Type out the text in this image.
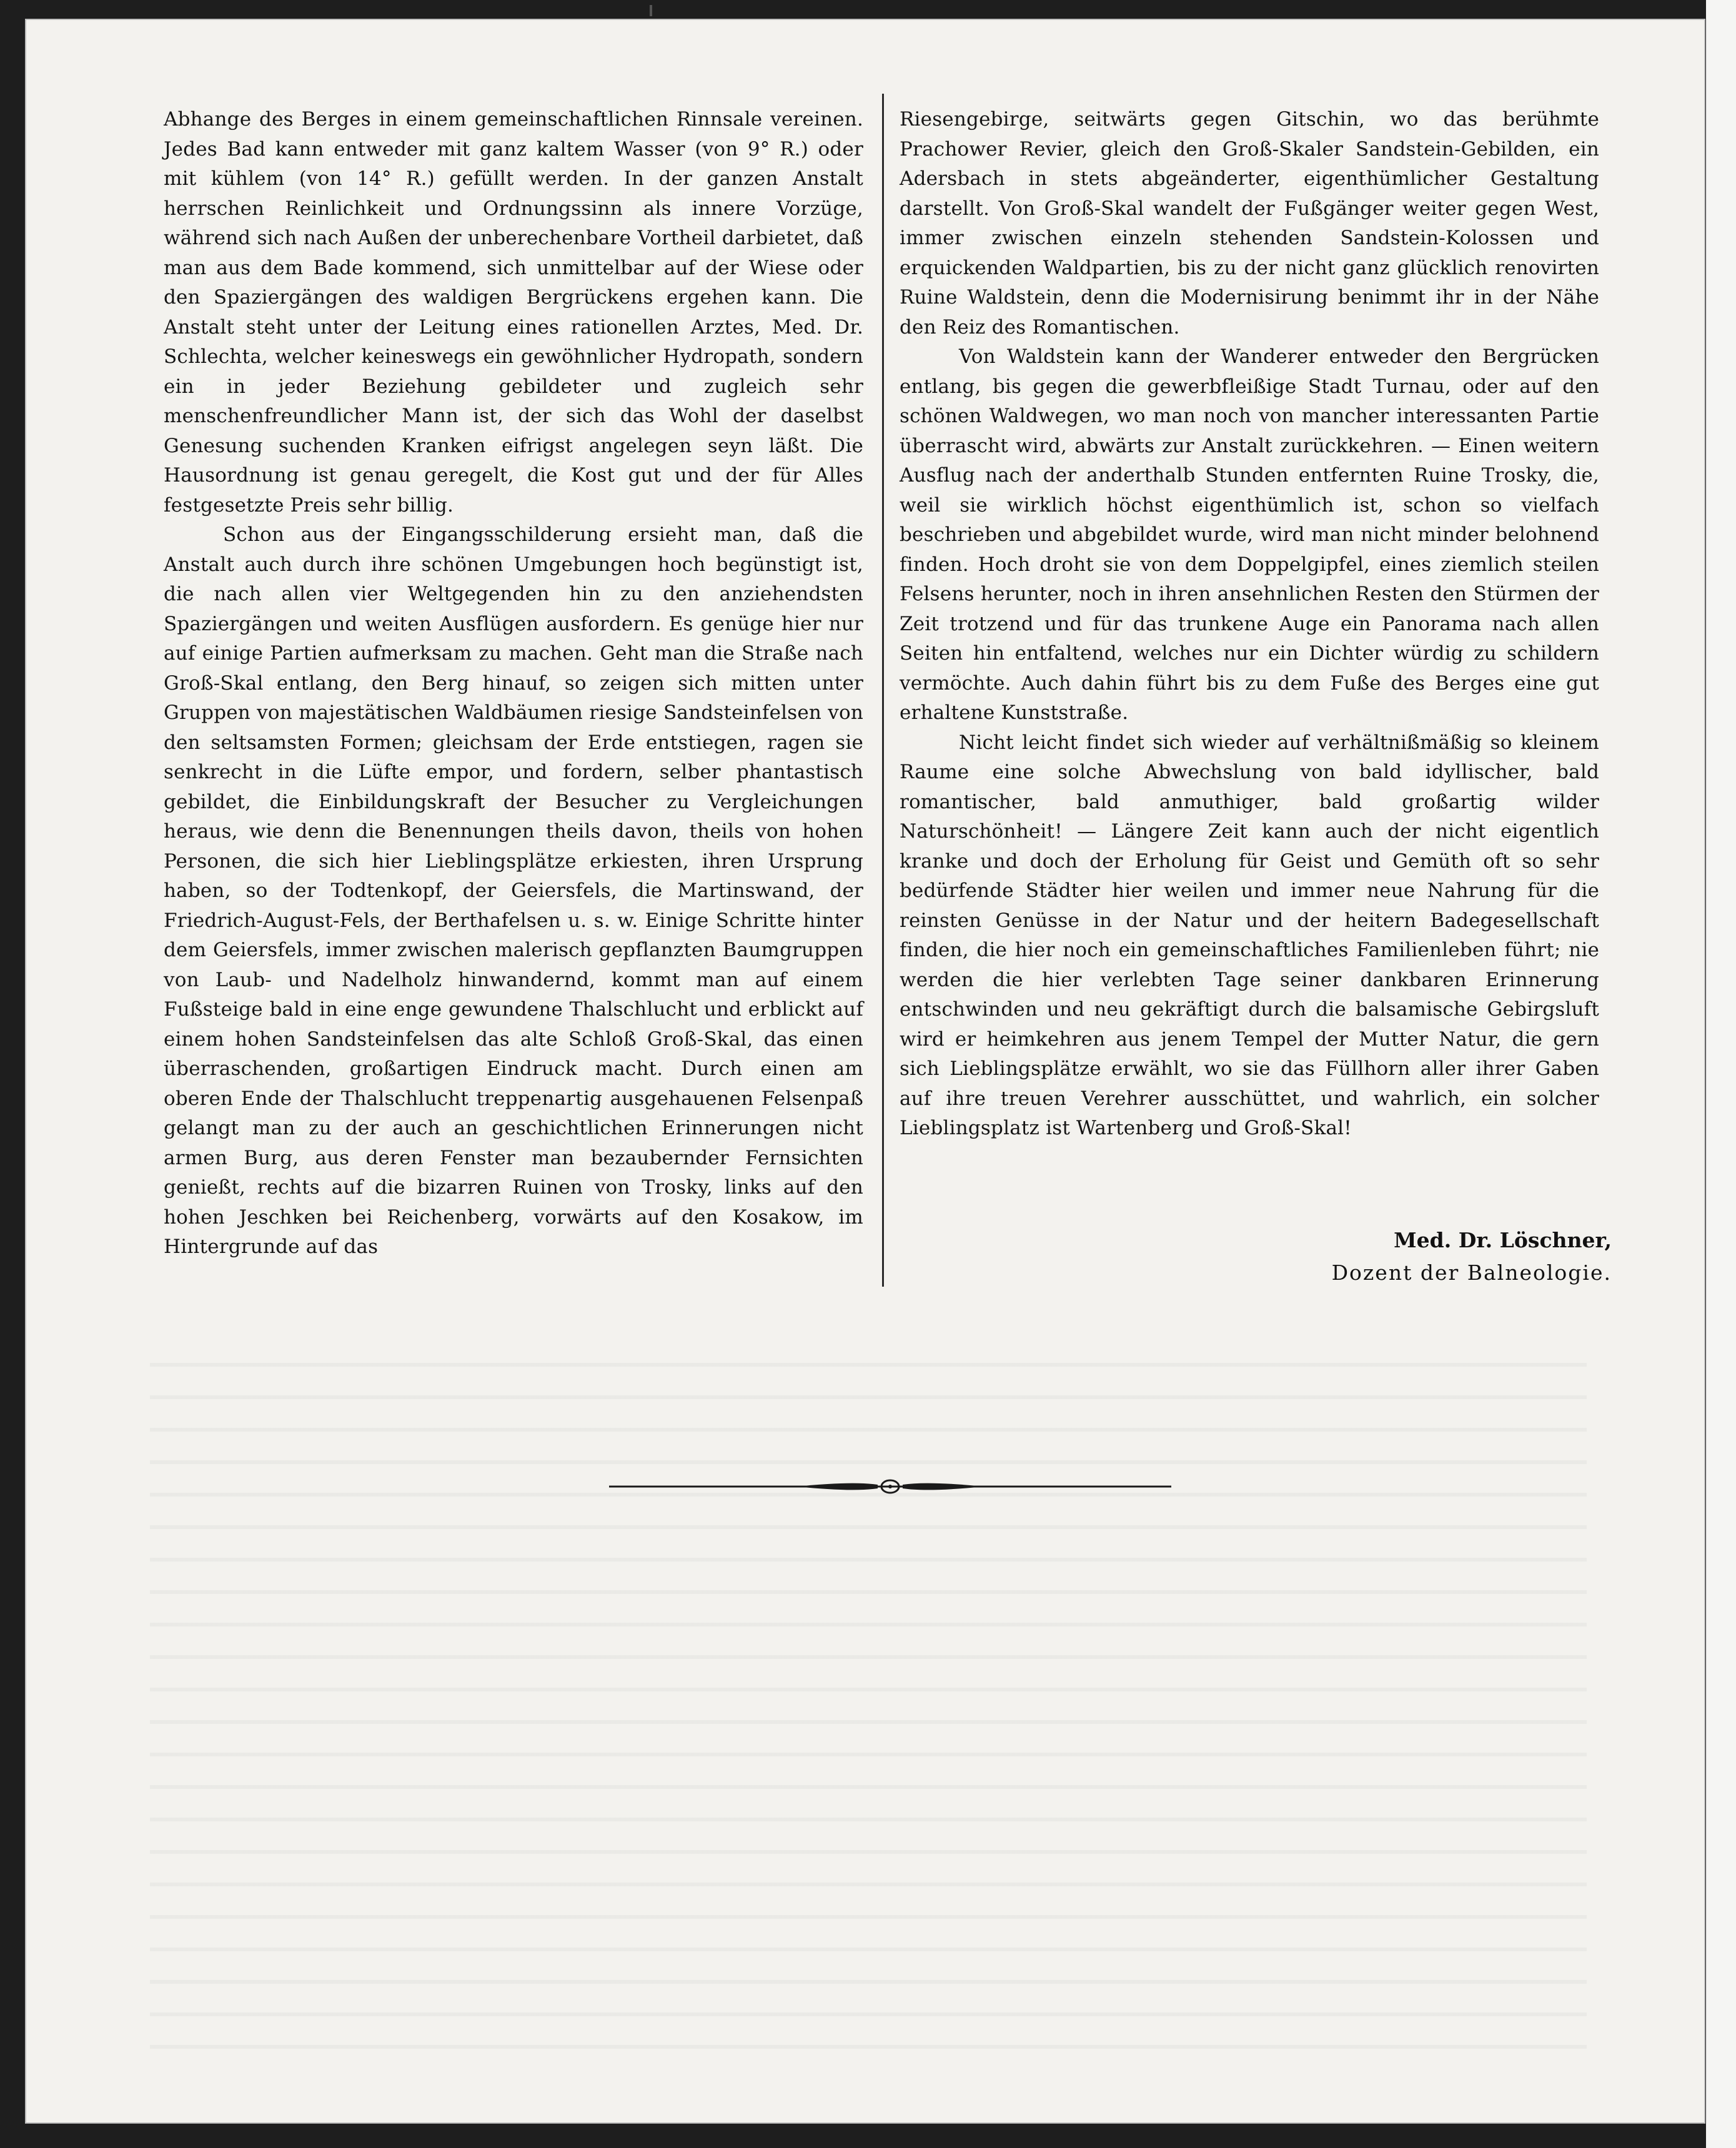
Abhange des Berges in einem gemeinschaftlichen Rinnsale vereinen. Jedes Bad kann entweder mit ganz kaltem Wasser (von 9° R.) oder mit kühlem (von 14° R.) gefüllt werden. In der ganzen Anstalt herrschen Reinlichkeit und Ordnungssinn als innere Vorzüge, während sich nach Außen der unberechenbare Vortheil darbietet, daß man aus dem Bade kommend, sich unmittelbar auf der Wiese oder den Spaziergängen des waldigen Bergrückens ergehen kann. Die Anstalt steht unter der Leitung eines rationellen Arztes, Med. Dr. Schlechta, welcher keineswegs ein gewöhnlicher Hydropath, sondern ein in jeder Beziehung gebildeter und zugleich sehr menschenfreundlicher Mann ist, der sich das Wohl der daselbst Genesung suchenden Kranken eifrigst angelegen seyn läßt. Die Hausordnung ist genau geregelt, die Kost gut und der für Alles festgesetzte Preis sehr billig.

Schon aus der Eingangsschilderung ersieht man, daß die Anstalt auch durch ihre schönen Umgebungen hoch begünstigt ist, die nach allen vier Weltgegenden hin zu den anziehendsten Spaziergängen und weiten Ausflügen ausfordern. Es genüge hier nur auf einige Partien aufmerksam zu machen. Geht man die Straße nach Groß-Skal entlang, den Berg hinauf, so zeigen sich mitten unter Gruppen von majestätischen Waldbäumen riesige Sandsteinfelsen von den seltsamsten Formen; gleichsam der Erde entstiegen, ragen sie senkrecht in die Lüfte empor, und fordern, selber phantastisch gebildet, die Einbildungskraft der Besucher zu Vergleichungen heraus, wie denn die Benennungen theils davon, theils von hohen Personen, die sich hier Lieblingsplätze erkiesten, ihren Ursprung haben, so der Todtenkopf, der Geiersfels, die Martinswand, der Friedrich-August-Fels, der Berthafelsen u. s. w. Einige Schritte hinter dem Geiersfels, immer zwischen malerisch gepflanzten Baumgruppen von Laub- und Nadelholz hinwandernd, kommt man auf einem Fußsteige bald in eine enge gewundene Thalschlucht und erblickt auf einem hohen Sandsteinfelsen das alte Schloß Groß-Skal, das einen überraschenden, großartigen Eindruck macht. Durch einen am oberen Ende der Thalschlucht treppenartig ausgehauenen Felsenpaß gelangt man zu der auch an geschichtlichen Erinnerungen nicht armen Burg, aus deren Fenster man bezaubernder Fernsichten genießt, rechts auf die bizarren Ruinen von Trosky, links auf den hohen Jeschken bei Reichenberg, vorwärts auf den Kosakow, im Hintergrunde auf das

Riesengebirge, seitwärts gegen Gitschin, wo das berühmte Prachower Revier, gleich den Groß-Skaler Sandstein-Gebilden, ein Adersbach in stets abgeänderter, eigenthümlicher Gestaltung darstellt. Von Groß-Skal wandelt der Fußgänger weiter gegen West, immer zwischen einzeln stehenden Sandstein-Kolossen und erquickenden Waldpartien, bis zu der nicht ganz glücklich renovirten Ruine Waldstein, denn die Modernisirung benimmt ihr in der Nähe den Reiz des Romantischen.

Von Waldstein kann der Wanderer entweder den Bergrücken entlang, bis gegen die gewerbfleißige Stadt Turnau, oder auf den schönen Waldwegen, wo man noch von mancher interessanten Partie überrascht wird, abwärts zur Anstalt zurückkehren. — Einen weitern Ausflug nach der anderthalb Stunden entfernten Ruine Trosky, die, weil sie wirklich höchst eigenthümlich ist, schon so vielfach beschrieben und abgebildet wurde, wird man nicht minder belohnend finden. Hoch droht sie von dem Doppelgipfel, eines ziemlich steilen Felsens herunter, noch in ihren ansehnlichen Resten den Stürmen der Zeit trotzend und für das trunkene Auge ein Panorama nach allen Seiten hin entfaltend, welches nur ein Dichter würdig zu schildern vermöchte. Auch dahin führt bis zu dem Fuße des Berges eine gut erhaltene Kunststraße.

Nicht leicht findet sich wieder auf verhältnißmäßig so kleinem Raume eine solche Abwechslung von bald idyllischer, bald romantischer, bald anmuthiger, bald großartig wilder Naturschönheit! — Längere Zeit kann auch der nicht eigentlich kranke und doch der Erholung für Geist und Gemüth oft so sehr bedürfende Städter hier weilen und immer neue Nahrung für die reinsten Genüsse in der Natur und der heitern Badegesellschaft finden, die hier noch ein gemeinschaftliches Familienleben führt; nie werden die hier verlebten Tage seiner dankbaren Erinnerung entschwinden und neu gekräftigt durch die balsamische Gebirgsluft wird er heimkehren aus jenem Tempel der Mutter Natur, die gern sich Lieblingsplätze erwählt, wo sie das Füllhorn aller ihrer Gaben auf ihre treuen Verehrer ausschüttet, und wahrlich, ein solcher Lieblingsplatz ist Wartenberg und Groß-Skal!

Med. Dr. Löschner,
Dozent der Balneologie.
